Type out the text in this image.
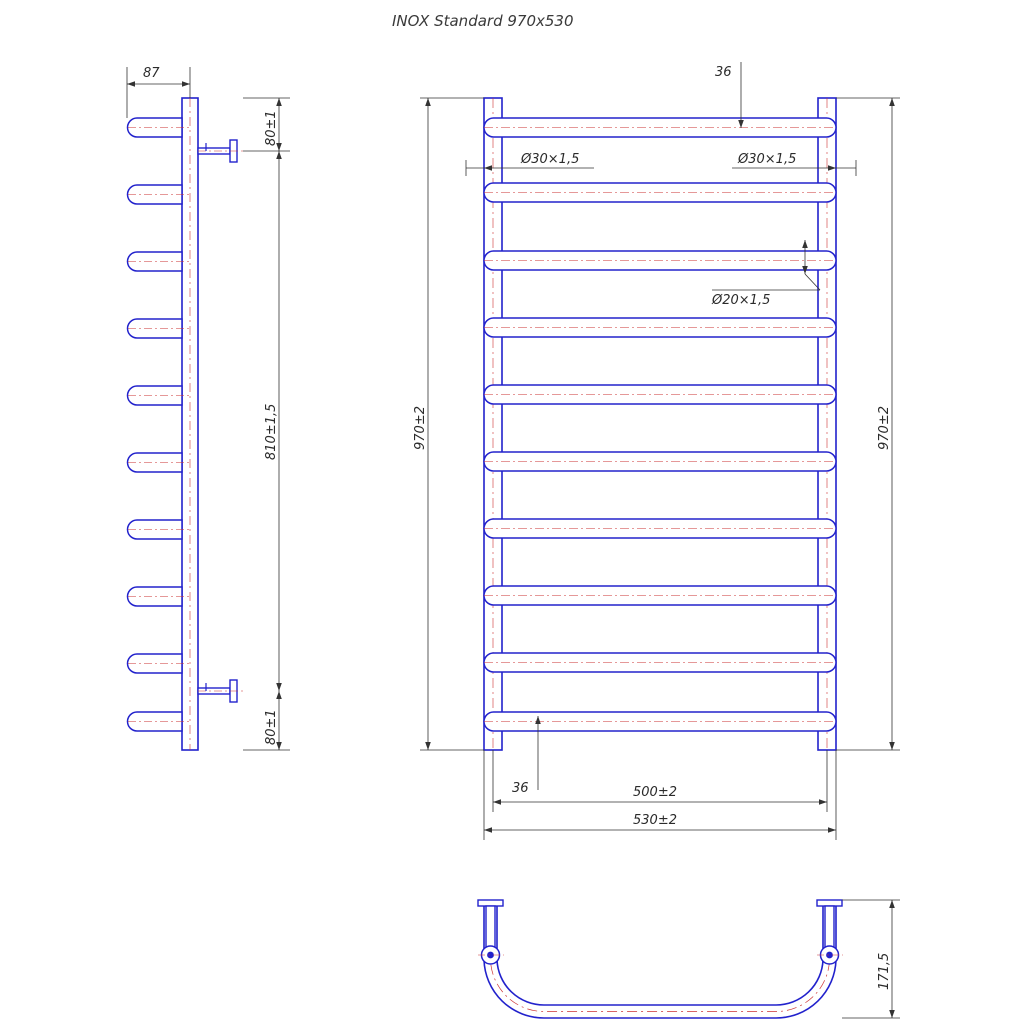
INOX Standard 970x530
87
80±1
810±1,5
80±1
36
Ø30×1,5	Ø30×1,5
Ø20×1,5
970±2	970±2
36	500±2
530±2
171,5
